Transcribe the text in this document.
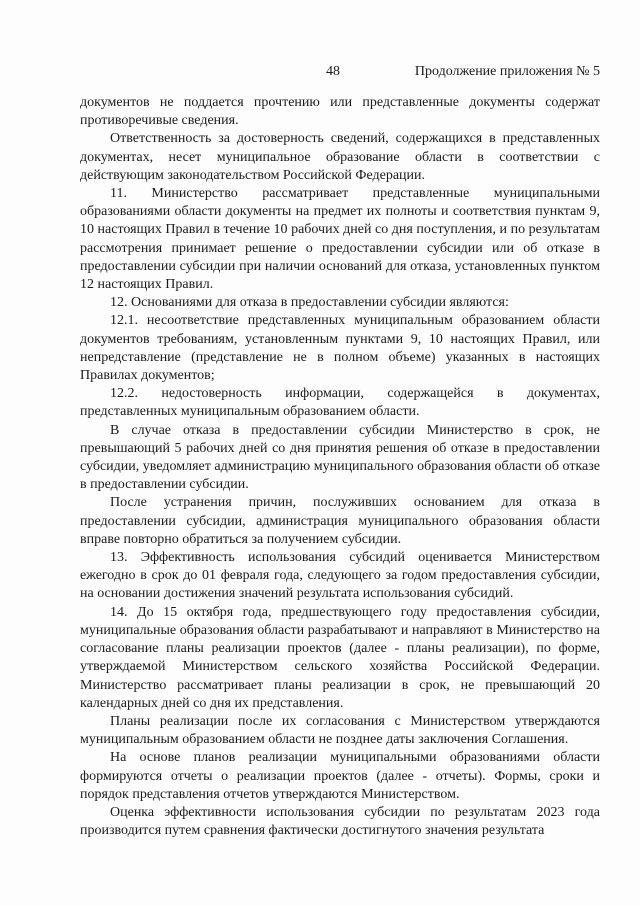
48	Продолжение приложения № 5

документов не поддается прочтению или представленные документы содержат противоречивые сведения.

Ответственность за достоверность сведений, содержащихся в представленных документах, несет муниципальное образование области в соответствии с действующим законодательством Российской Федерации.

11. Министерство рассматривает представленные муниципальными образованиями области документы на предмет их полноты и соответствия пунктам 9, 10 настоящих Правил в течение 10 рабочих дней со дня поступления, и по результатам рассмотрения принимает решение о предоставлении субсидии или об отказе в предоставлении субсидии при наличии оснований для отказа, установленных пунктом 12 настоящих Правил.

12. Основаниями для отказа в предоставлении субсидии являются:

12.1. несоответствие представленных муниципальным образованием области документов требованиям, установленным пунктами 9, 10 настоящих Правил, или непредставление (представление не в полном объеме) указанных в настоящих Правилах документов;

12.2. недостоверность информации, содержащейся в документах, представленных муниципальным образованием области.

В случае отказа в предоставлении субсидии Министерство в срок, не превышающий 5 рабочих дней со дня принятия решения об отказе в предоставлении субсидии, уведомляет администрацию муниципального образования области об отказе в предоставлении субсидии.

После устранения причин, послуживших основанием для отказа в предоставлении субсидии, администрация муниципального образования области вправе повторно обратиться за получением субсидии.

13. Эффективность использования субсидий оценивается Министерством ежегодно в срок до 01 февраля года, следующего за годом предоставления субсидии, на основании достижения значений результата использования субсидий.

14. До 15 октября года, предшествующего году предоставления субсидии, муниципальные образования области разрабатывают и направляют в Министерство на согласование планы реализации проектов (далее - планы реализации), по форме, утверждаемой Министерством сельского хозяйства Российской Федерации. Министерство рассматривает планы реализации в срок, не превышающий 20 календарных дней со дня их представления.

Планы реализации после их согласования с Министерством утверждаются муниципальным образованием области не позднее даты заключения Соглашения.

На основе планов реализации муниципальными образованиями области формируются отчеты о реализации проектов (далее - отчеты). Формы, сроки и порядок представления отчетов утверждаются Министерством.

Оценка эффективности использования субсидии по результатам 2023 года производится путем сравнения фактически достигнутого значения результата
